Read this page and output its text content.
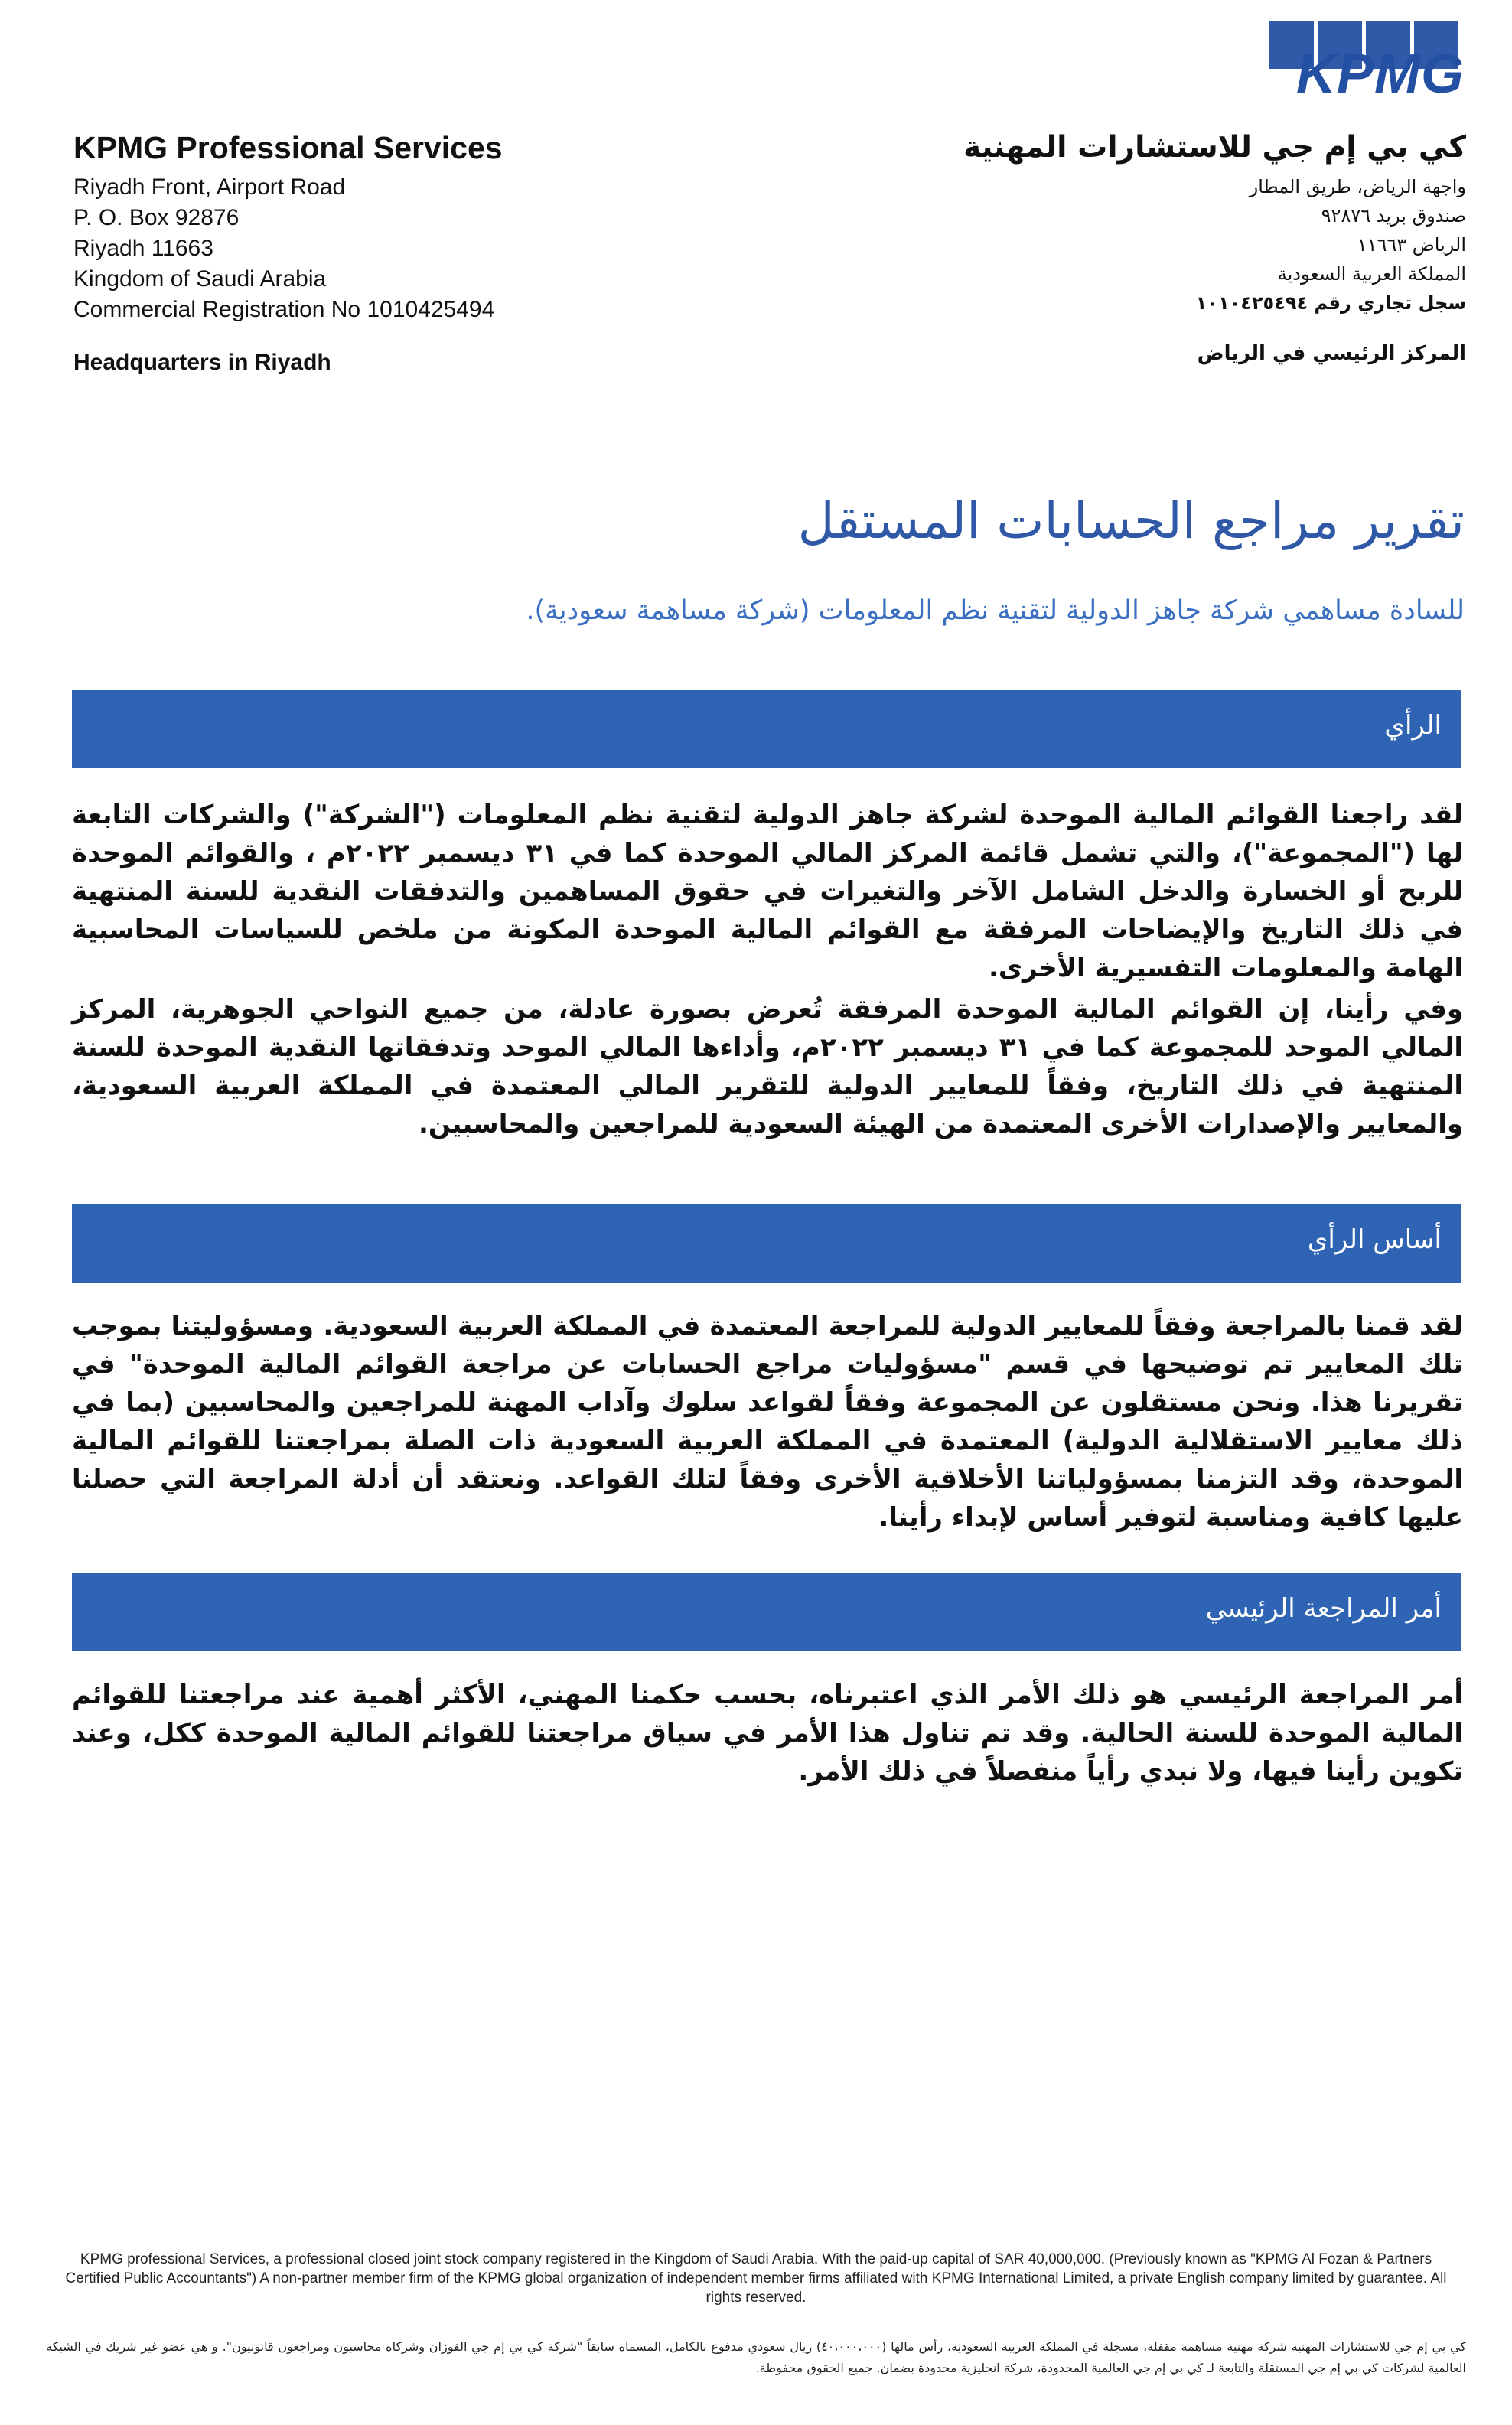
KPMG
KPMG Professional Services
Riyadh Front, Airport Road
P. O. Box 92876
Riyadh 11663
Kingdom of Saudi Arabia
Commercial Registration No 1010425494
Headquarters in Riyadh
كي بي إم جي للاستشارات المهنية
واجهة الرياض، طريق المطار
صندوق بريد ٩٢٨٧٦
الرياض ١١٦٦٣
المملكة العربية السعودية
سجل تجاري رقم ١٠١٠٤٢٥٤٩٤
المركز الرئيسي في الرياض
تقرير مراجع الحسابات المستقل
للسادة مساهمي شركة جاهز الدولية لتقنية نظم المعلومات (شركة مساهمة سعودية).
الرأي

لقد راجعنا القوائم المالية الموحدة لشركة جاهز الدولية لتقنية نظم المعلومات ("الشركة") والشركات التابعة لها ("المجموعة")، والتي تشمل قائمة المركز المالي الموحدة كما في ٣١ ديسمبر ٢٠٢٢م ، والقوائم الموحدة للربح أو الخسارة والدخل الشامل الآخر والتغيرات في حقوق المساهمين والتدفقات النقدية للسنة المنتهية في ذلك التاريخ والإيضاحات المرفقة مع القوائم المالية الموحدة المكونة من ملخص للسياسات المحاسبية الهامة والمعلومات التفسيرية الأخرى.

وفي رأينا، إن القوائم المالية الموحدة المرفقة تُعرض بصورة عادلة، من جميع النواحي الجوهرية، المركز المالي الموحد للمجموعة كما في ٣١ ديسمبر ٢٠٢٢م، وأداءها المالي الموحد وتدفقاتها النقدية الموحدة للسنة المنتهية في ذلك التاريخ، وفقاً للمعايير الدولية للتقرير المالي المعتمدة في المملكة العربية السعودية، والمعايير والإصدارات الأخرى المعتمدة من الهيئة السعودية للمراجعين والمحاسبين.

أساس الرأي

لقد قمنا بالمراجعة وفقاً للمعايير الدولية للمراجعة المعتمدة في المملكة العربية السعودية. ومسؤوليتنا بموجب تلك المعايير تم توضيحها في قسم "مسؤوليات مراجع الحسابات عن مراجعة القوائم المالية الموحدة" في تقريرنا هذا. ونحن مستقلون عن المجموعة وفقاً لقواعد سلوك وآداب المهنة للمراجعين والمحاسبين (بما في ذلك معايير الاستقلالية الدولية) المعتمدة في المملكة العربية السعودية ذات الصلة بمراجعتنا للقوائم المالية الموحدة، وقد التزمنا بمسؤولياتنا الأخلاقية الأخرى وفقاً لتلك القواعد. ونعتقد أن أدلة المراجعة التي حصلنا عليها كافية ومناسبة لتوفير أساس لإبداء رأينا.

أمر المراجعة الرئيسي

أمر المراجعة الرئيسي هو ذلك الأمر الذي اعتبرناه، بحسب حكمنا المهني، الأكثر أهمية عند مراجعتنا للقوائم المالية الموحدة للسنة الحالية. وقد تم تناول هذا الأمر في سياق مراجعتنا للقوائم المالية الموحدة ككل، وعند تكوين رأينا فيها، ولا نبدي رأياً منفصلاً في ذلك الأمر.

KPMG professional Services, a professional closed joint stock company registered in the Kingdom of Saudi Arabia. With the paid-up capital of SAR 40,000,000. (Previously known as "KPMG Al Fozan & Partners Certified Public Accountants") A non-partner member firm of the KPMG global organization of independent member firms affiliated with KPMG International Limited, a private English company limited by guarantee. All rights reserved.
كي بي إم جي للاستشارات المهنية شركة مهنية مساهمة مقفلة، مسجلة في المملكة العربية السعودية، رأس مالها (٤٠،٠٠٠،٠٠٠) ريال سعودي مدفوع بالكامل، المسماة سابقاً "شركة كي بي إم جي الفوزان وشركاه محاسبون ومراجعون قانونيون". و هي عضو غير شريك في الشبكة العالمية لشركات كي بي إم جي المستقلة والتابعة لـ كي بي إم جي العالمية المحدودة، شركة انجليزية محدودة بضمان. جميع الحقوق محفوظة.
